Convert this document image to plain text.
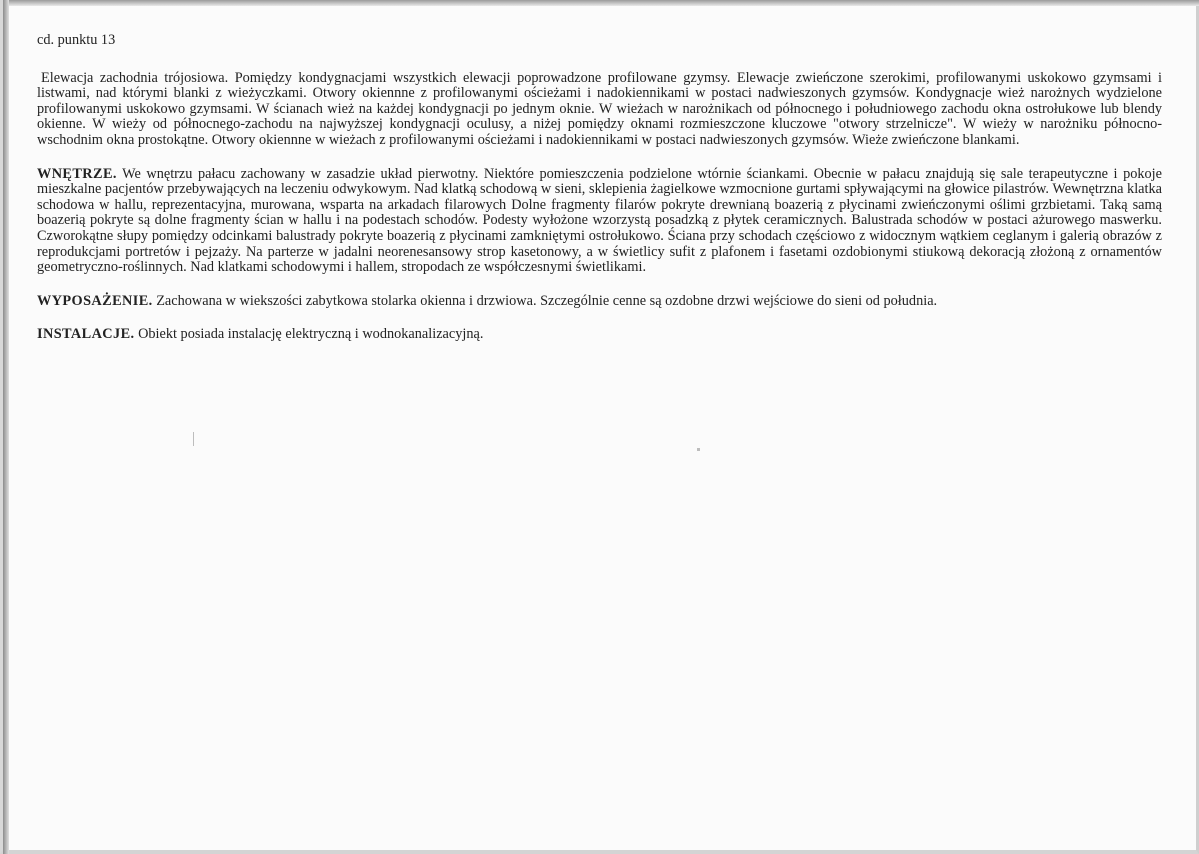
cd. punktu 13

Elewacja zachodnia trójosiowa. Pomiędzy kondygnacjami wszystkich elewacji poprowadzone profilowane gzymsy. Elewacje zwieńczone szerokimi, profilowanymi uskokowo gzymsami i listwami, nad którymi blanki z wieżyczkami. Otwory okiennne z profilowanymi ościeżami i nadokiennikami w postaci nadwieszonych gzymsów. Kondygnacje wież narożnych wydzielone profilowanymi uskokowo gzymsami. W ścianach wież na każdej kondygnacji po jednym oknie. W wieżach w narożnikach od północnego i południowego zachodu okna ostrołukowe lub blendy okienne. W wieży od północnego-zachodu na najwyższej kondygnacji oculusy, a niżej pomiędzy oknami rozmieszczone kluczowe "otwory strzelnicze". W wieży w narożniku północno-wschodnim okna prostokątne. Otwory okiennne w wieżach z profilowanymi ościeżami i nadokiennikami w postaci nadwieszonych gzymsów. Wieże zwieńczone blankami.

WNĘTRZE. We wnętrzu pałacu zachowany w zasadzie układ pierwotny. Niektóre pomieszczenia podzielone wtórnie ściankami. Obecnie w pałacu znajdują się sale terapeutyczne i pokoje mieszkalne pacjentów przebywających na leczeniu odwykowym. Nad klatką schodową w sieni, sklepienia żagielkowe wzmocnione gurtami spływającymi na głowice pilastrów. Wewnętrzna klatka schodowa w hallu, reprezentacyjna, murowana, wsparta na arkadach filarowych Dolne fragmenty filarów pokryte drewnianą boazerią z płycinami zwieńczonymi oślimi grzbietami. Taką samą boazerią pokryte są dolne fragmenty ścian w hallu i na podestach schodów. Podesty wyłożone wzorzystą posadzką z płytek ceramicznych. Balustrada schodów w postaci ażurowego maswerku. Czworokątne słupy pomiędzy odcinkami balustrady pokryte boazerią z płycinami zamkniętymi ostrołukowo. Ściana przy schodach częściowo z widocznym wątkiem ceglanym i galerią obrazów z reprodukcjami portretów i pejzaży. Na parterze w jadalni neorenesansowy strop kasetonowy, a w świetlicy sufit z plafonem i fasetami ozdobionymi stiukową dekoracją złożoną z ornamentów geometryczno-roślinnych. Nad klatkami schodowymi i hallem, stropodach ze współczesnymi świetlikami.

WYPOSAŻENIE. Zachowana w wiekszości zabytkowa stolarka okienna i drzwiowa. Szczególnie cenne są ozdobne drzwi wejściowe do sieni od południa.

INSTALACJE. Obiekt posiada instalację elektryczną i wodnokanalizacyjną.
